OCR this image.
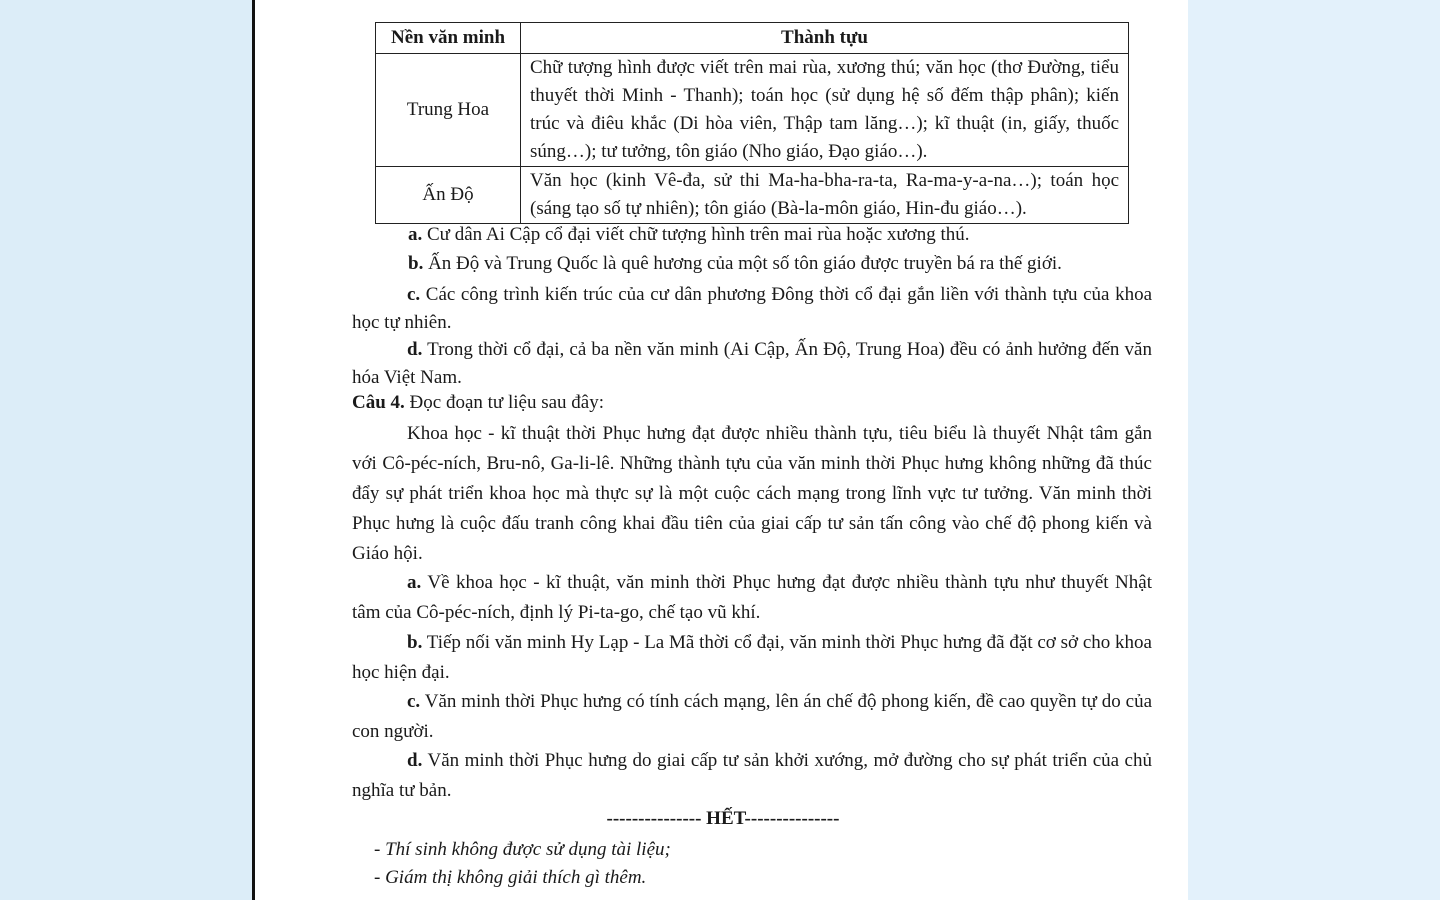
Nền văn minh	Thành tựu
Trung Hoa	Chữ tượng hình được viết trên mai rùa, xương thú; văn học (thơ Đường, tiểu thuyết thời Minh - Thanh); toán học (sử dụng hệ số đếm thập phân); kiến trúc và điêu khắc (Di hòa viên, Thập tam lăng…); kĩ thuật (in, giấy, thuốc súng…); tư tưởng, tôn giáo (Nho giáo, Đạo giáo…).
Ấn Độ	Văn học (kinh Vê-đa, sử thi Ma-ha-bha-ra-ta, Ra-ma-y-a-na…); toán học (sáng tạo số tự nhiên); tôn giáo (Bà-la-môn giáo, Hin-đu giáo…).
a. Cư dân Ai Cập cổ đại viết chữ tượng hình trên mai rùa hoặc xương thú.
b. Ấn Độ và Trung Quốc là quê hương của một số tôn giáo được truyền bá ra thế giới.
c. Các công trình kiến trúc của cư dân phương Đông thời cổ đại gắn liền với thành tựu của khoa học tự nhiên.
d. Trong thời cổ đại, cả ba nền văn minh (Ai Cập, Ấn Độ, Trung Hoa) đều có ảnh hưởng đến văn hóa Việt Nam.
Câu 4. Đọc đoạn tư liệu sau đây:
Khoa học - kĩ thuật thời Phục hưng đạt được nhiều thành tựu, tiêu biểu là thuyết Nhật tâm gắn với Cô-péc-ních, Bru-nô, Ga-li-lê. Những thành tựu của văn minh thời Phục hưng không những đã thúc đẩy sự phát triển khoa học mà thực sự là một cuộc cách mạng trong lĩnh vực tư tưởng. Văn minh thời Phục hưng là cuộc đấu tranh công khai đầu tiên của giai cấp tư sản tấn công vào chế độ phong kiến và Giáo hội.
a. Về khoa học - kĩ thuật, văn minh thời Phục hưng đạt được nhiều thành tựu như thuyết Nhật tâm của Cô-péc-ních, định lý Pi-ta-go, chế tạo vũ khí.
b. Tiếp nối văn minh Hy Lạp - La Mã thời cổ đại, văn minh thời Phục hưng đã đặt cơ sở cho khoa học hiện đại.
c. Văn minh thời Phục hưng có tính cách mạng, lên án chế độ phong kiến, đề cao quyền tự do của con người.
d. Văn minh thời Phục hưng do giai cấp tư sản khởi xướng, mở đường cho sự phát triển của chủ nghĩa tư bản.
--------------- HẾT---------------
- Thí sinh không được sử dụng tài liệu;
- Giám thị không giải thích gì thêm.
